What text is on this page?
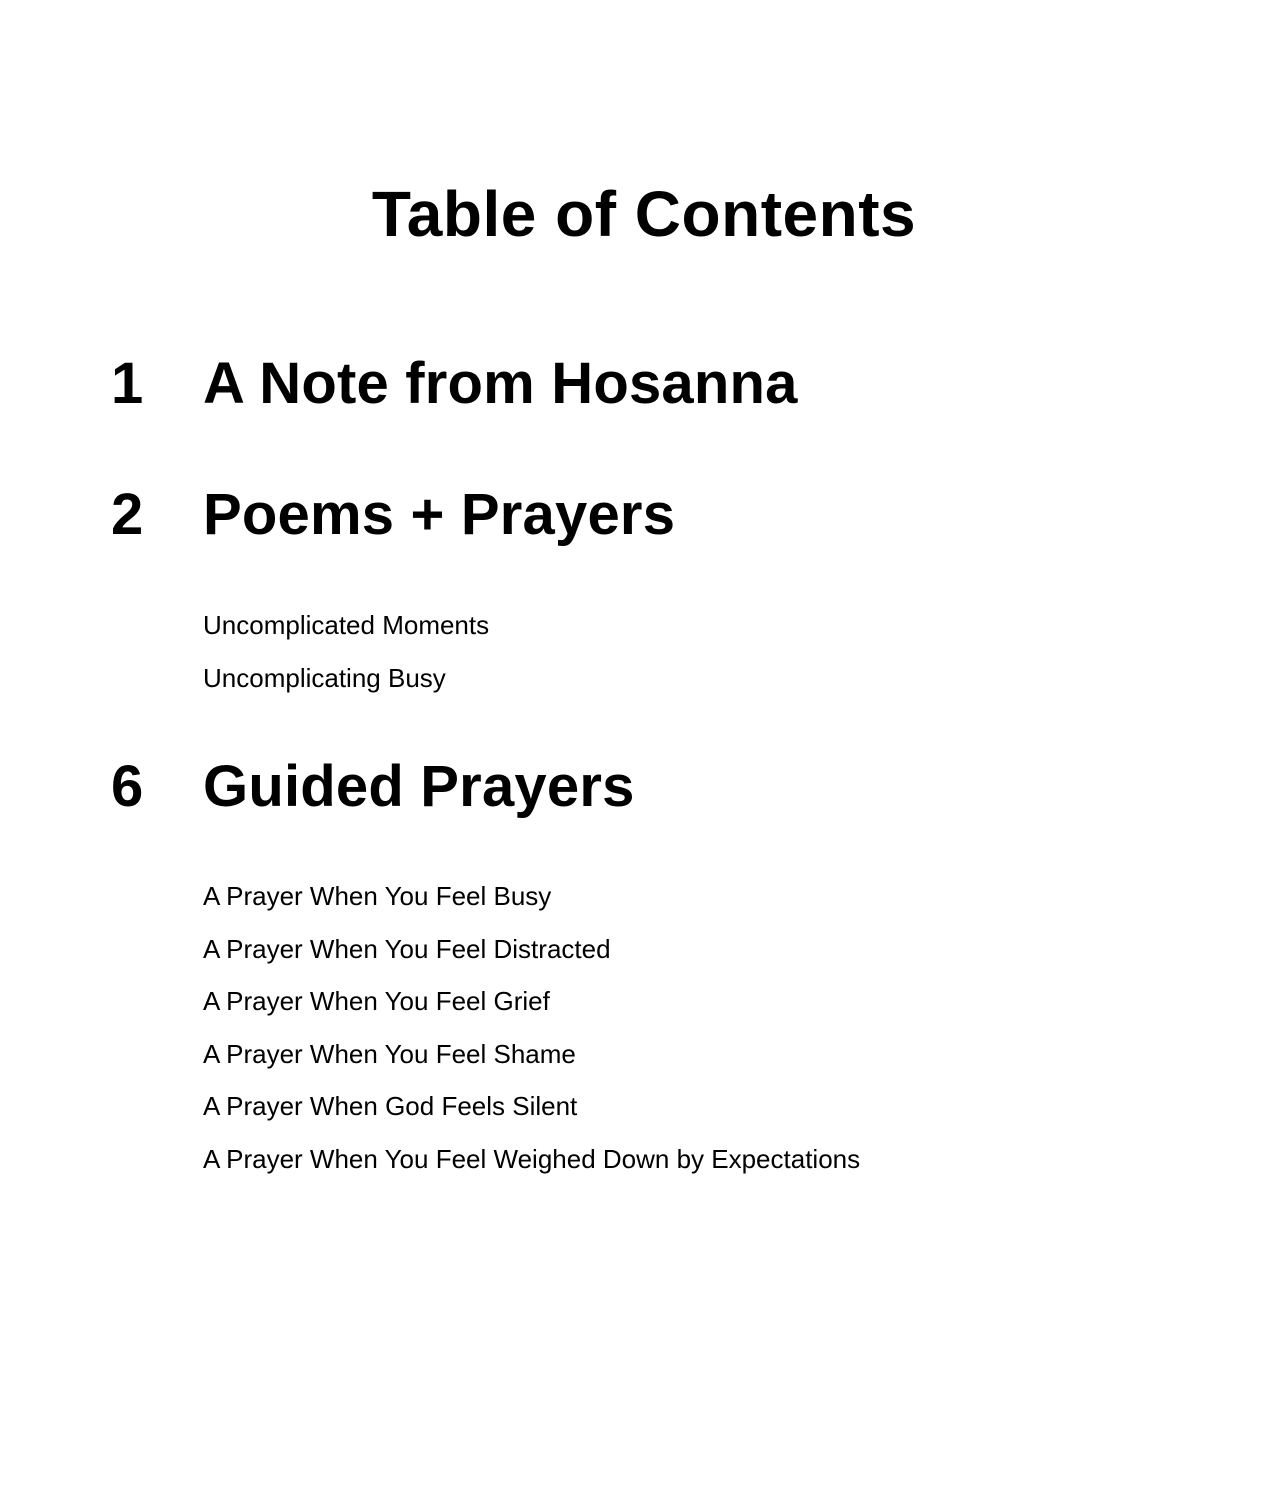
Table of Contents
1	A Note from Hosanna
2	Poems + Prayers
Uncomplicated Moments
Uncomplicating Busy
6	Guided Prayers
A Prayer When You Feel Busy
A Prayer When You Feel Distracted
A Prayer When You Feel Grief
A Prayer When You Feel Shame
A Prayer When God Feels Silent
A Prayer When You Feel Weighed Down by Expectations
